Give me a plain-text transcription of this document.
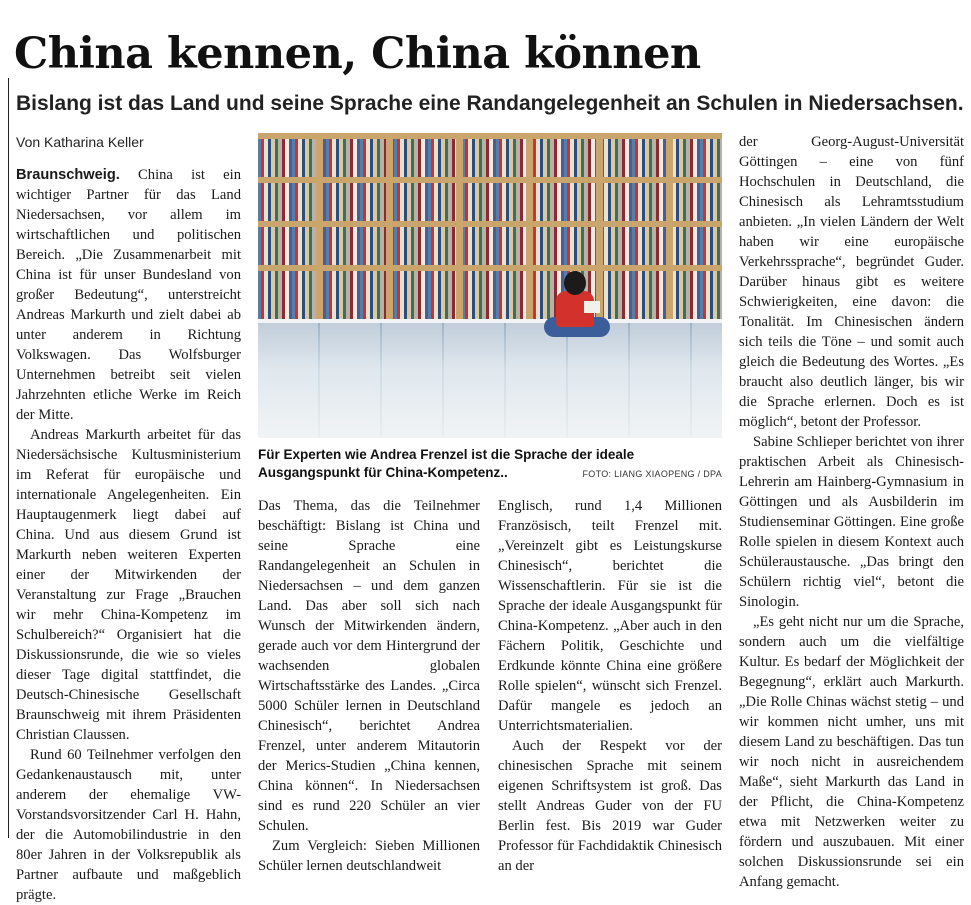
China kennen, China können
Bislang ist das Land und seine Sprache eine Randangelegenheit an Schulen in Niedersachsen.
Von Katharina Keller

Braunschweig. China ist ein wichtiger Partner für das Land Niedersachsen, vor allem im wirtschaftlichen und politischen Bereich. „Die Zusammenarbeit mit China ist für unser Bundesland von großer Bedeutung“, unterstreicht Andreas Markurth und zielt dabei ab unter anderem in Richtung Volkswagen. Das Wolfsburger Unternehmen betreibt seit vielen Jahrzehnten etliche Werke im Reich der Mitte.

Andreas Markurth arbeitet für das Niedersächsische Kultusministerium im Referat für europäische und internationale Angelegenheiten. Ein Hauptaugenmerk liegt dabei auf China. Und aus diesem Grund ist Markurth neben weiteren Experten einer der Mitwirkenden der Veranstaltung zur Frage „Brauchen wir mehr China-Kompetenz im Schulbereich?“ Organisiert hat die Diskussionsrunde, die wie so vieles dieser Tage digital stattfindet, die Deutsch-Chinesische Gesellschaft Braunschweig mit ihrem Präsidenten Christian Claussen.

Rund 60 Teilnehmer verfolgen den Gedankenaustausch mit, unter anderem der ehemalige VW- Vorstandsvorsitzender Carl H. Hahn, der die Automobilindustrie in den 80er Jahren in der Volksrepublik als Partner aufbaute und maßgeblich prägte.

Für Experten wie Andrea Frenzel ist die Sprache der ideale Ausgangspunkt für China-Kompetenz..	FOTO: LIANG XIAOPENG / DPA

Das Thema, das die Teilnehmer beschäftigt: Bislang ist China und seine Sprache eine Randangelegenheit an Schulen in Niedersachsen – und dem ganzen Land. Das aber soll sich nach Wunsch der Mitwirkenden ändern, gerade auch vor dem Hintergrund der wachsenden globalen Wirtschaftsstärke des Landes. „Circa 5000 Schüler lernen in Deutschland Chinesisch“, berichtet Andrea Frenzel, unter anderem Mitautorin der Merics-Studien „China kennen, China können“. In Niedersachsen sind es rund 220 Schüler an vier Schulen.

Zum Vergleich: Sieben Millionen Schüler lernen deutschlandweit

Englisch, rund 1,4 Millionen Französisch, teilt Frenzel mit. „Vereinzelt gibt es Leistungskurse Chinesisch“, berichtet die Wissenschaftlerin. Für sie ist die Sprache der ideale Ausgangspunkt für China-Kompetenz. „Aber auch in den Fächern Politik, Geschichte und Erdkunde könnte China eine größere Rolle spielen“, wünscht sich Frenzel. Dafür mangele es jedoch an Unterrichtsmaterialien.

Auch der Respekt vor der chinesischen Sprache mit seinem eigenen Schriftsystem ist groß. Das stellt Andreas Guder von der FU Berlin fest. Bis 2019 war Guder Professor für Fachdidaktik Chinesisch an der

der Georg-August-Universität Göttingen – eine von fünf Hochschulen in Deutschland, die Chinesisch als Lehramtsstudium anbieten. „In vielen Ländern der Welt haben wir eine europäische Verkehrssprache“, begründet Guder. Darüber hinaus gibt es weitere Schwierigkeiten, eine davon: die Tonalität. Im Chinesischen ändern sich teils die Töne – und somit auch gleich die Bedeutung des Wortes. „Es braucht also deutlich länger, bis wir die Sprache erlernen. Doch es ist möglich“, betont der Professor.

Sabine Schlieper berichtet von ihrer praktischen Arbeit als Chinesisch-Lehrerin am Hainberg-Gymnasium in Göttingen und als Ausbilderin im Studienseminar Göttingen. Eine große Rolle spielen in diesem Kontext auch Schüleraustausche. „Das bringt den Schülern richtig viel“, betont die Sinologin.

„Es geht nicht nur um die Sprache, sondern auch um die vielfältige Kultur. Es bedarf der Möglichkeit der Begegnung“, erklärt auch Markurth. „Die Rolle Chinas wächst stetig – und wir kommen nicht umher, uns mit diesem Land zu beschäftigen. Das tun wir noch nicht in ausreichendem Maße“, sieht Markurth das Land in der Pflicht, die China-Kompetenz etwa mit Netzwerken weiter zu fördern und auszubauen. Mit einer solchen Diskussionsrunde sei ein Anfang gemacht.
